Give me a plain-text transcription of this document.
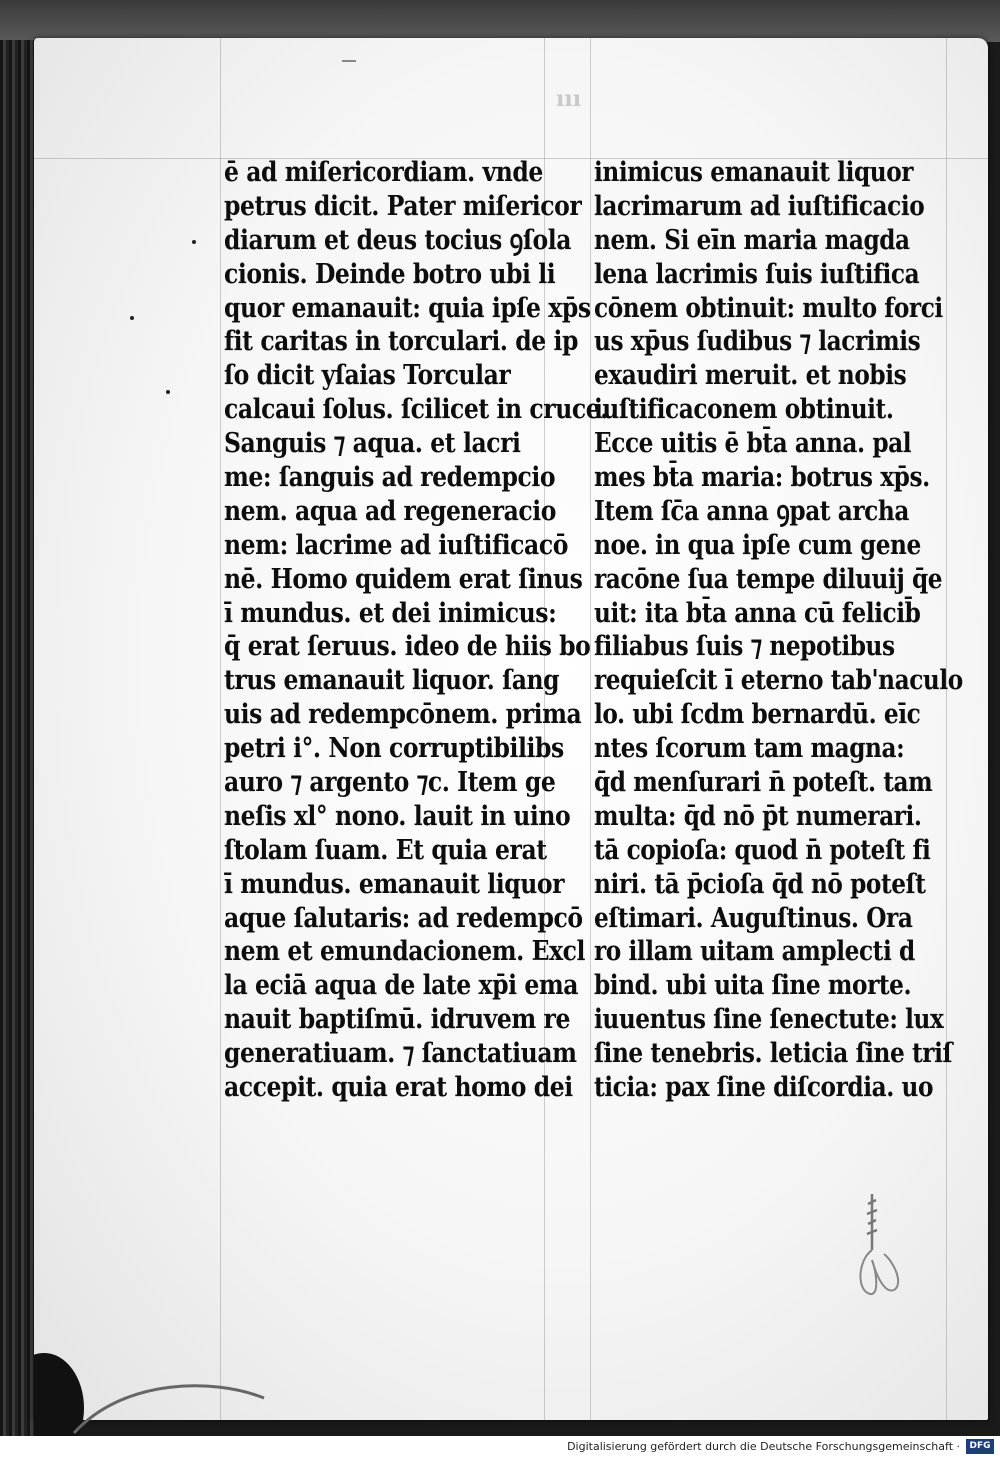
ııı
ē ad miſericordiam. vnde
petrus dicit. Pater miſericor
diarum et deus tocius ꝯſola
cionis. Deinde botro ubi li
quor emanauit: quia ipſe xp̄s
fit caritas in torculari. de ip
ſo dicit yſaias Torcular
calcaui ſolus. ſcilicet in cruce.
Sanguis ⁊ aqua. et lacri
me: ſanguis ad redempcio
nem. aqua ad regeneracio
nem: lacrime ad iuſtificacō
nē. Homo quidem erat ſinus
ī mundus. et dei inimicus:
q̄ erat ſeruus. ideo de hiis bo
trus emanauit liquor. ſang
uis ad redempcōnem. prima
petri i°. Non corruptibilibs
auro ⁊ argento ⁊c. Item ge
neſis xl° nono. lauit in uino
ſtolam ſuam. Et quia erat
ī mundus. emanauit liquor
aque ſalutaris: ad redempcō
nem et emundacionem. Excl
la eciā aqua de late xp̄i ema
nauit baptiſmū. idruvem re
generatiuam. ⁊ ſanctatiuam
accepit. quia erat homo dei
inimicus emanauit liquor
lacrimarum ad iuſtificacio
nem. Si eīn maria magda
lena lacrimis ſuis iuſtifica
cōnem obtinuit: multo forci
us xp̄us ſudibus ⁊ lacrimis
exaudiri meruit. et nobis
iuſtificaconem obtinuit.
Ecce uitis ē bt̄a anna. pal
mes bt̄a maria: botrus xp̄s.
Item ſc̄a anna ꝯpat archa
noe. in qua ipſe cum gene
racōne ſua tempe diluuij q̄e
uit: ita bt̄a anna cū felicib̄
filiabus ſuis ⁊ nepotibus
requieſcit ī eterno tab'naculo
lo. ubi ſcdm bernardū. eīc
ntes ſcorum tam magna:
q̄d menſurari n̄ poteſt. tam
multa: q̄d nō p̄t numerari.
tā copioſa: quod n̄ poteſt fi
niri. tā p̄cioſa q̄d nō poteſt
eſtimari. Auguſtinus. Ora
ro illam uitam amplecti d
bind. ubi uita ſine morte.
iuuentus ſine ſenectute: lux
ſine tenebris. leticia ſine triſ
ticia: pax ſine diſcordia. uo
Digitalisierung gefördert durch die Deutsche Forschungsgemeinschaft ·	DFG
